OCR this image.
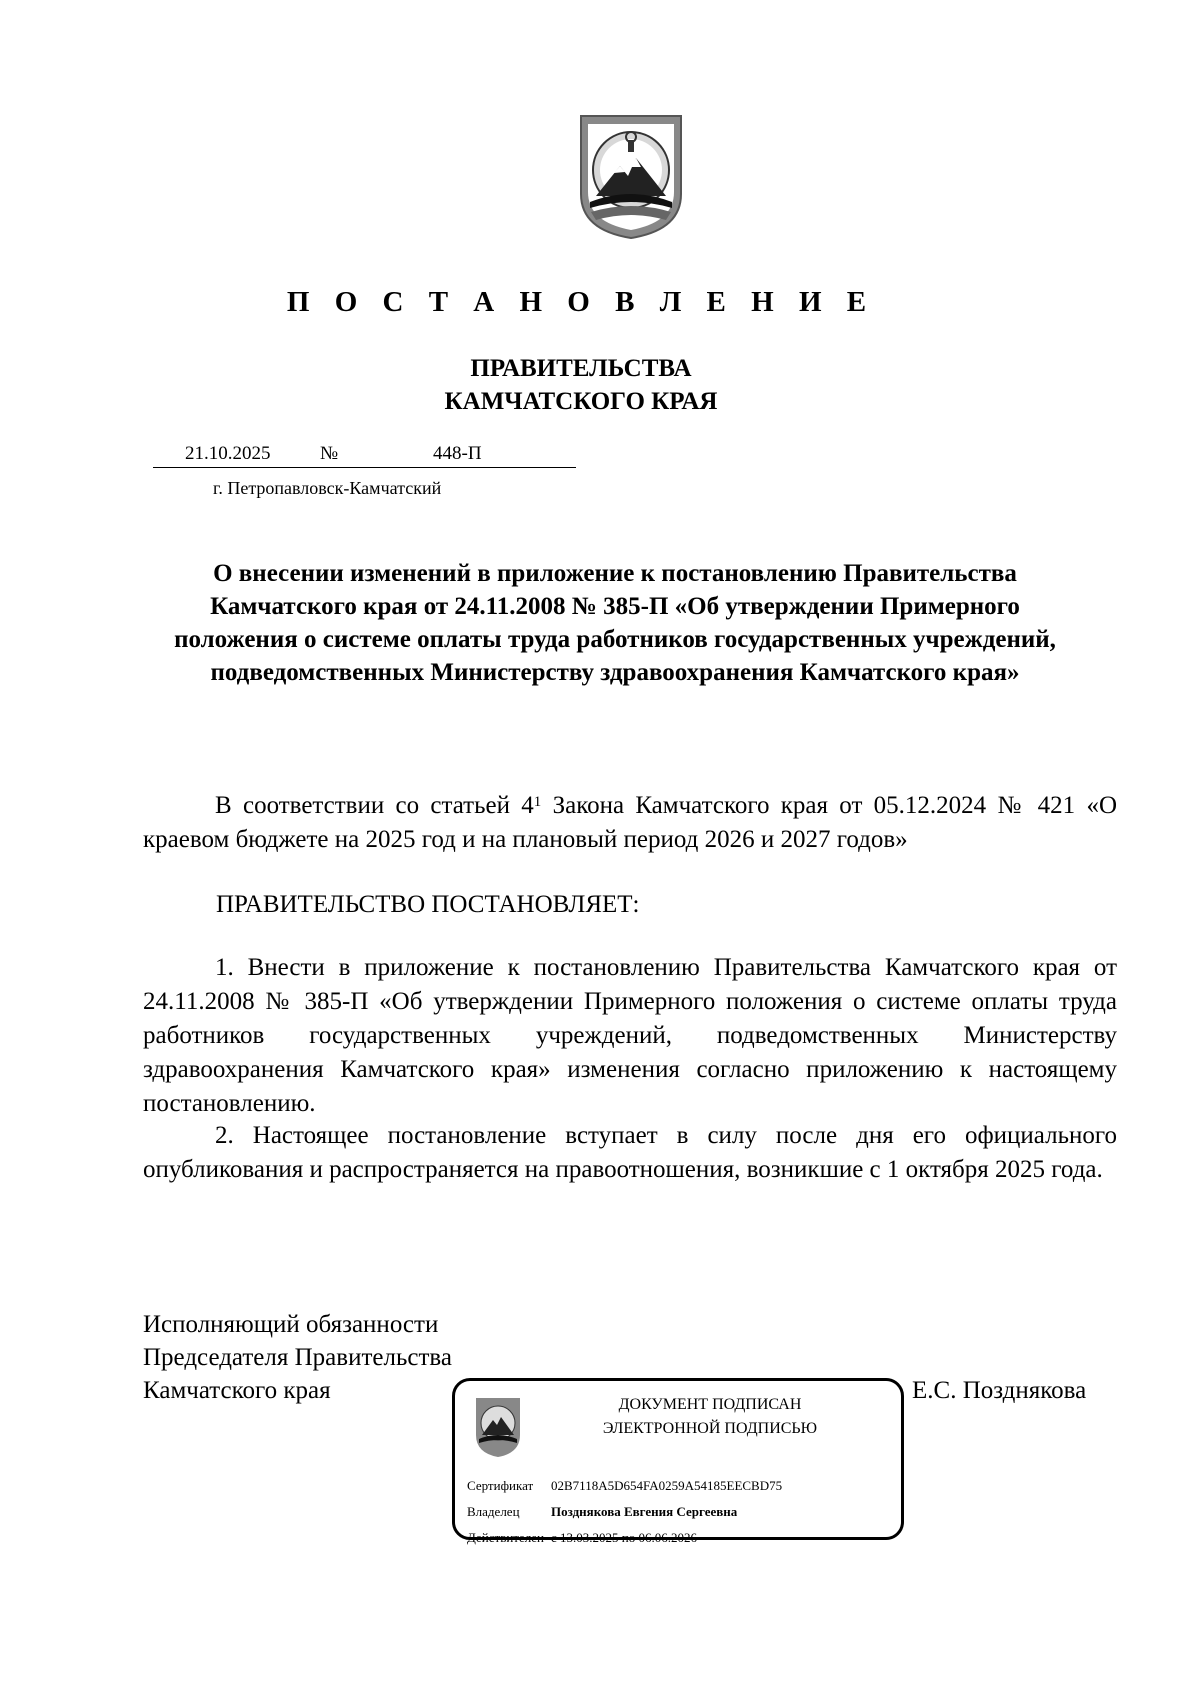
П О С Т А Н О В Л Е Н И Е
ПРАВИТЕЛЬСТВА
КАМЧАТСКОГО КРАЯ
21.10.2025	№	448-П
г. Петропавловск-Камчатский
О внесении изменений в приложение к постановлению Правительства Камчатского края от 24.11.2008 № 385-П «Об утверждении Примерного положения о системе оплаты труда работников государственных учреждений, подведомственных Министерству здравоохранения Камчатского края»
В соответствии со статьей $4^1$ Закона Камчатского края от 05.12.2024 № 421 «О краевом бюджете на 2025 год и на плановый период 2026 и 2027 годов»
ПРАВИТЕЛЬСТВО ПОСТАНОВЛЯЕТ:
1. Внести в приложение к постановлению Правительства Камчатского края от 24.11.2008 № 385-П «Об утверждении Примерного положения о системе оплаты труда работников государственных учреждений, подведомственных Министерству здравоохранения Камчатского края» изменения согласно приложению к настоящему постановлению.
2. Настоящее постановление вступает в силу после дня его официального опубликования и распространяется на правоотношения, возникшие с 1 октября 2025 года.
Исполняющий обязанности
Председателя Правительства
Камчатского края	Е.С. Позднякова
ДОКУМЕНТ ПОДПИСАН
ЭЛЕКТРОННОЙ ПОДПИСЬЮ
Сертификат 02B7118A5D654FA0259A54185EECBD75
Владелец Позднякова Евгения Сергеевна
Действителен с 13.03.2025 по 06.06.2026
